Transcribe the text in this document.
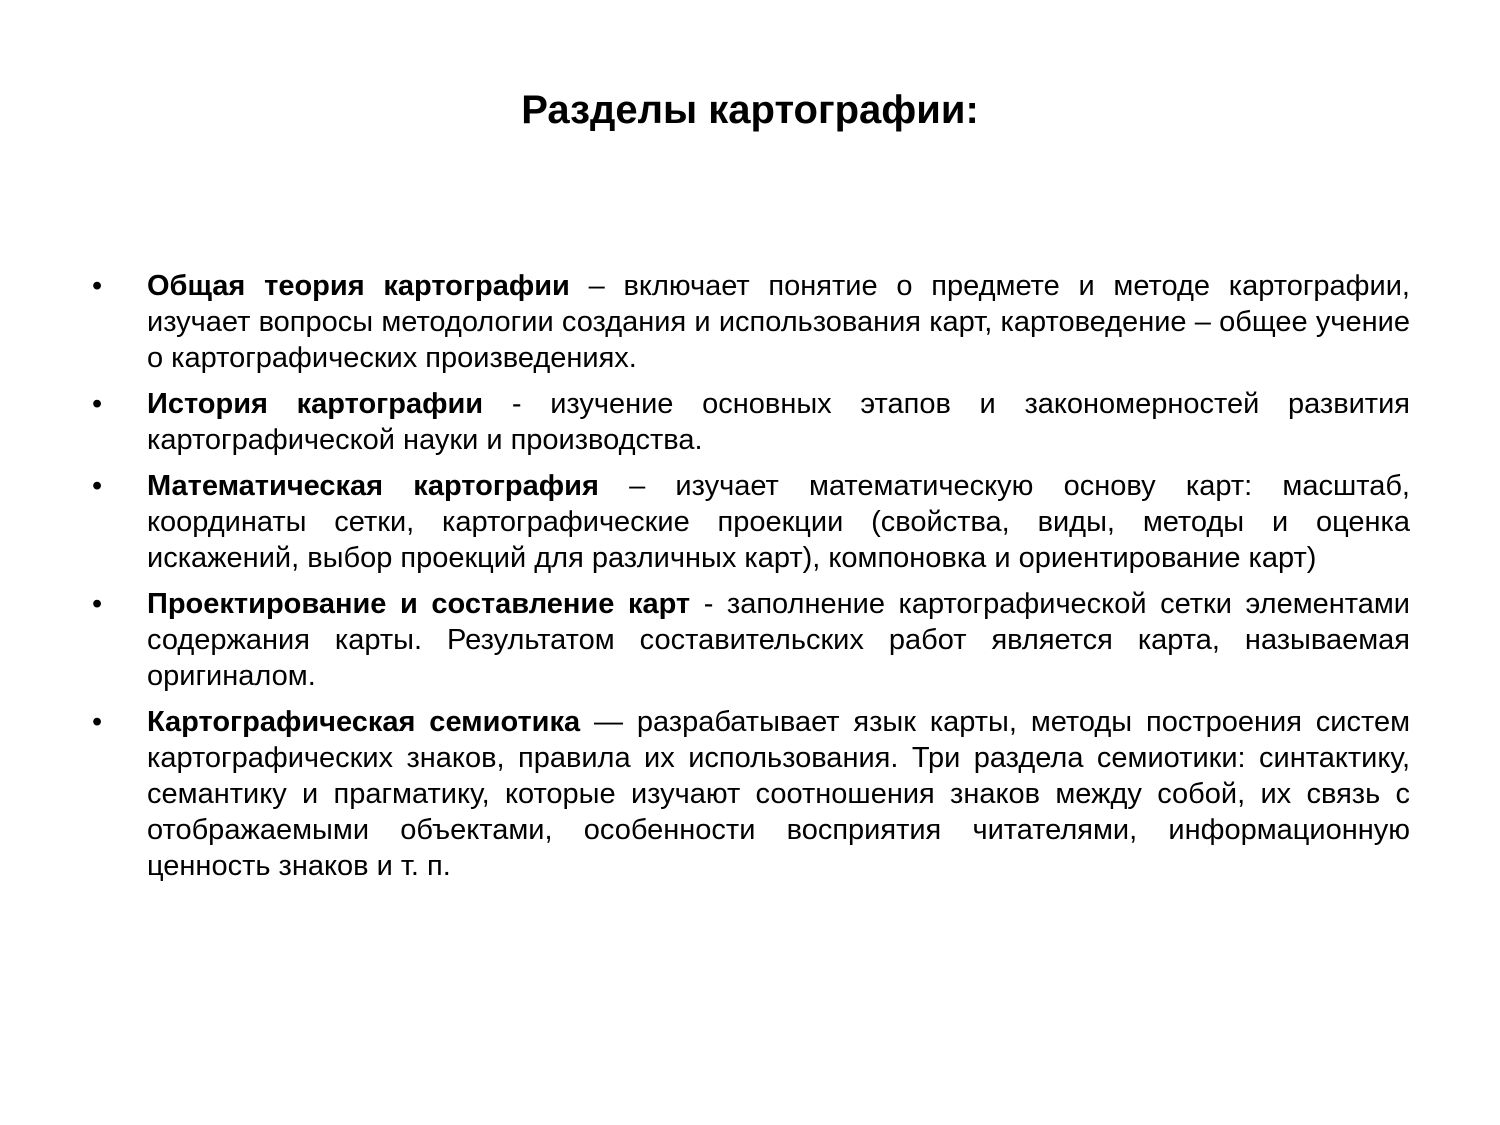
Разделы картографии:
• Общая теория картографии – включает понятие о предмете и методе картографии, изучает вопросы методологии создания и использования карт, картоведение – общее учение о картографических произведениях.
• История картографии - изучение основных этапов и закономерностей развития картографической науки и производства.
• Математическая картография – изучает математическую основу карт: масштаб, координаты сетки, картографические проекции (свойства, виды, методы и оценка искажений, выбор проекций для различных карт), компоновка и ориентирование карт)
• Проектирование и составление карт - заполнение картографической сетки элементами содержания карты. Результатом составительских работ является карта, называемая оригиналом.
• Картографическая семиотика — разрабатывает язык карты, методы построения систем картографических знаков, правила их использования. Три раздела семиотики: синтактику, семантику и прагматику, которые изучают соотношения знаков между собой, их связь с отображаемыми объектами, особенности восприятия читателями, информационную ценность знаков и т. п.
